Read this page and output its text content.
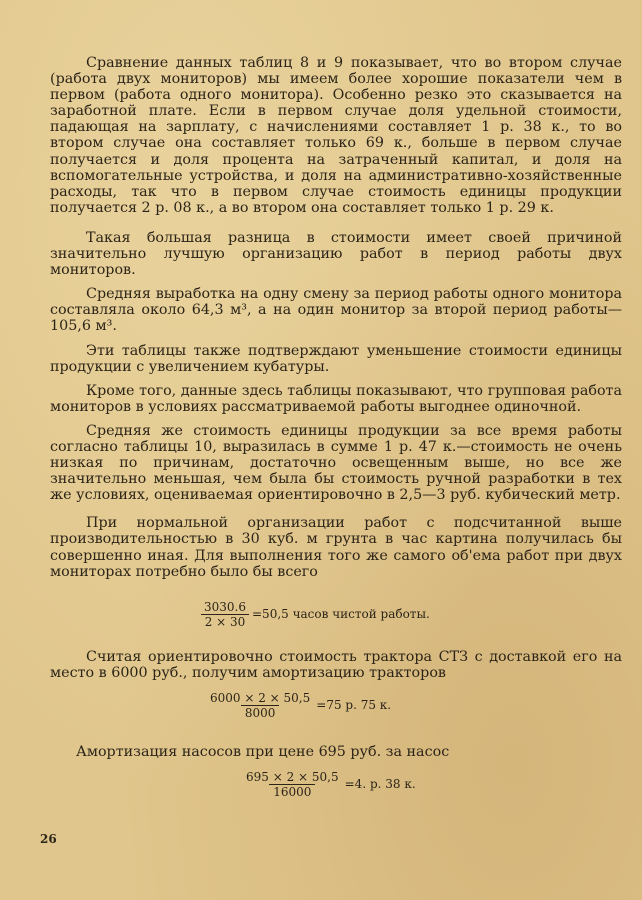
Сравнение данных таблиц 8 и 9 показывает, что во втором случае (работа двух мониторов) мы имеем более хорошие показатели чем в первом (работа одного монитора). Особенно резко это сказывается на заработной плате. Если в первом случае доля удельной стоимости, падающая на зарплату, с начислениями составляет 1 р. 38 к., то во втором случае она составляет только 69 к., больше в первом случае получается и доля процента на затраченный капитал, и доля на вспомогательные устройства, и доля на административно-хозяйственные расходы, так что в первом случае стоимость единицы продукции получается 2 р. 08 к., а во втором она составляет только 1 р. 29 к.

Такая большая разница в стоимости имеет своей причиной значительно лучшую организацию работ в период работы двух мониторов.

Средняя выработка на одну смену за период работы одного монитора составляла около 64,3 м³, а на один монитор за второй период работы—105,6 м³.

Эти таблицы также подтверждают уменьшение стоимости единицы продукции с увеличением кубатуры.

Кроме того, данные здесь таблицы показывают, что групповая работа мониторов в условиях рассматриваемой работы выгоднее одиночной.

Средняя же стоимость единицы продукции за все время работы согласно таблицы 10, выразилась в сумме 1 р. 47 к.—стоимость не очень низкая по причинам, достаточно освещенным выше, но все же значительно меньшая, чем была бы стоимость ручной разработки в тех же условиях, оцениваемая ориентировочно в 2,5—3 руб. кубический метр.

При нормальной организации работ с подсчитанной выше производительностью в 30 куб. м грунта в час картина получилась бы совершенно иная. Для выполнения того же самого об'ема работ при двух мониторах потребно было бы всего

$\frac{3030.6}{2 \times 30} =50,5$ часов чистой работы.

Считая ориентировочно стоимость трактора СТЗ с доставкой его на место в 6000 руб., получим амортизацию тракторов

$\frac{6000 \times 2 \times 50,5}{8000} =75$ р. 75 к.

Амортизация насосов при цене 695 руб. за насос

$\frac{695 \times 2 \times 50,5}{16000} =4$. р. 38 к.
26
